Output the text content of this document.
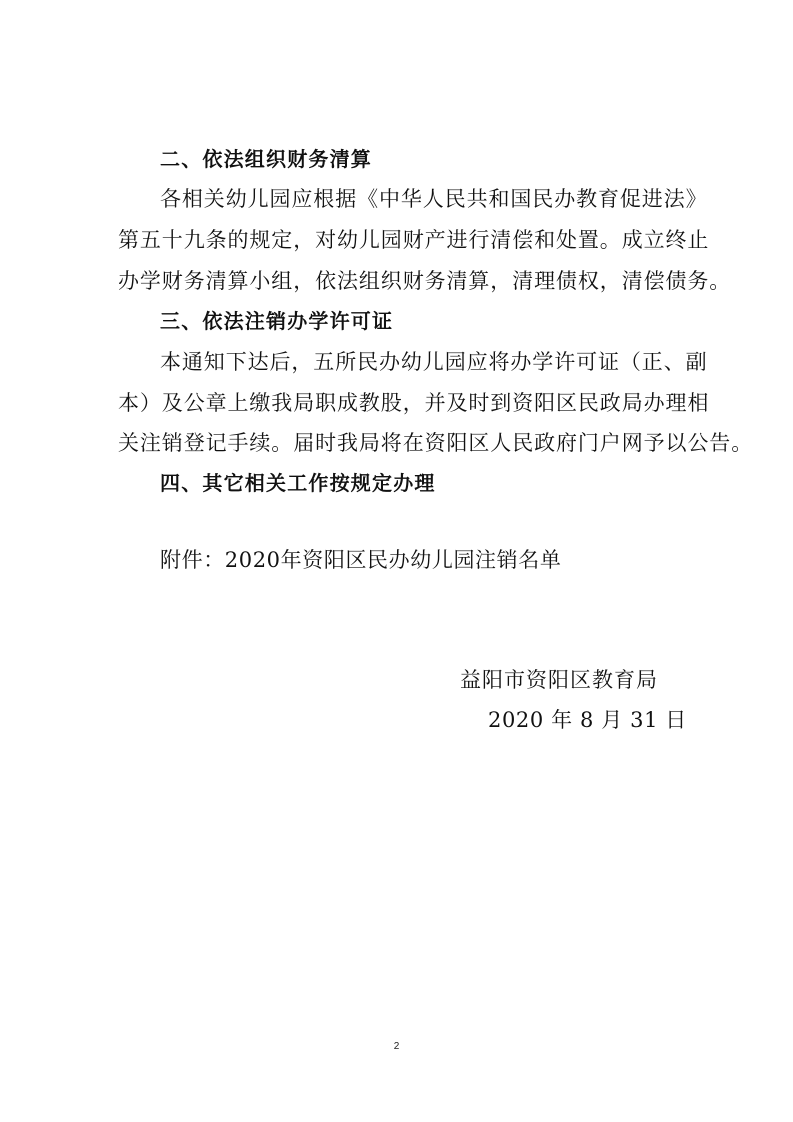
二、依法组织财务清算
各相关幼儿园应根据《中华人民共和国民办教育促进法》
第五十九条的规定，对幼儿园财产进行清偿和处置。成立终止
办学财务清算小组，依法组织财务清算，清理债权，清偿债务。
三、依法注销办学许可证
本通知下达后，五所民办幼儿园应将办学许可证（正、副
本）及公章上缴我局职成教股，并及时到资阳区民政局办理相
关注销登记手续。届时我局将在资阳区人民政府门户网予以公告。
四、其它相关工作按规定办理
附件：2020年资阳区民办幼儿园注销名单
益阳市资阳区教育局
2020 年 8 月 31 日
2
